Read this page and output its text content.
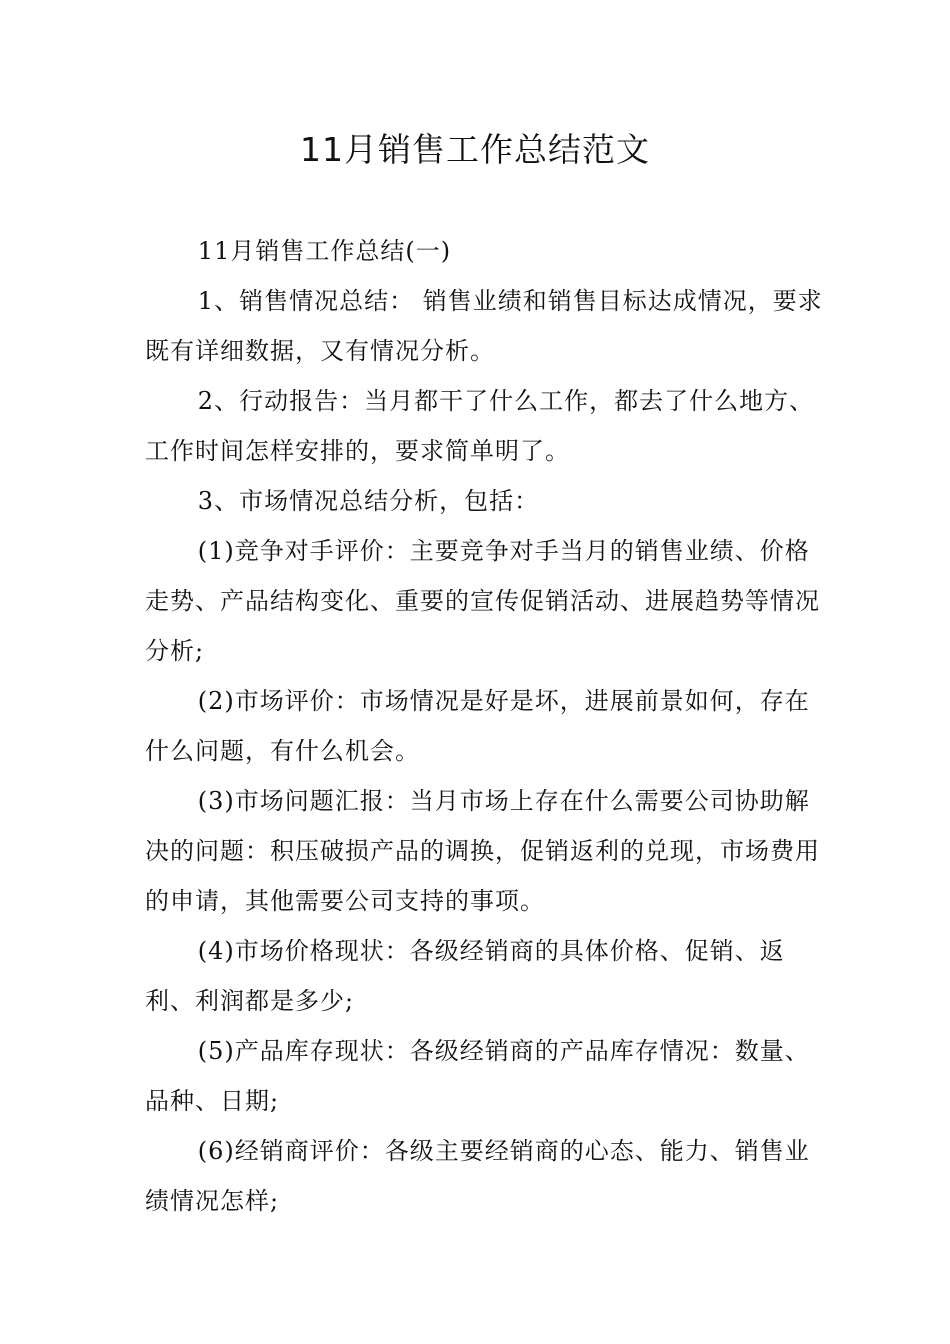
11月销售工作总结范文

11月销售工作总结(一)

1、销售情况总结： 销售业绩和销售目标达成情况，要求既有详细数据，又有情况分析。

2、行动报告：当月都干了什么工作，都去了什么地方、工作时间怎样安排的，要求简单明了。

3、市场情况总结分析，包括：

(1)竞争对手评价：主要竞争对手当月的销售业绩、价格走势、产品结构变化、重要的宣传促销活动、进展趋势等情况分析;

(2)市场评价：市场情况是好是坏，进展前景如何，存在什么问题，有什么机会。

(3)市场问题汇报：当月市场上存在什么需要公司协助解决的问题：积压破损产品的调换，促销返利的兑现，市场费用的申请，其他需要公司支持的事项。

(4)市场价格现状：各级经销商的具体价格、促销、返利、利润都是多少;

(5)产品库存现状：各级经销商的产品库存情况：数量、品种、日期;

(6)经销商评价：各级主要经销商的心态、能力、销售业绩情况怎样;
